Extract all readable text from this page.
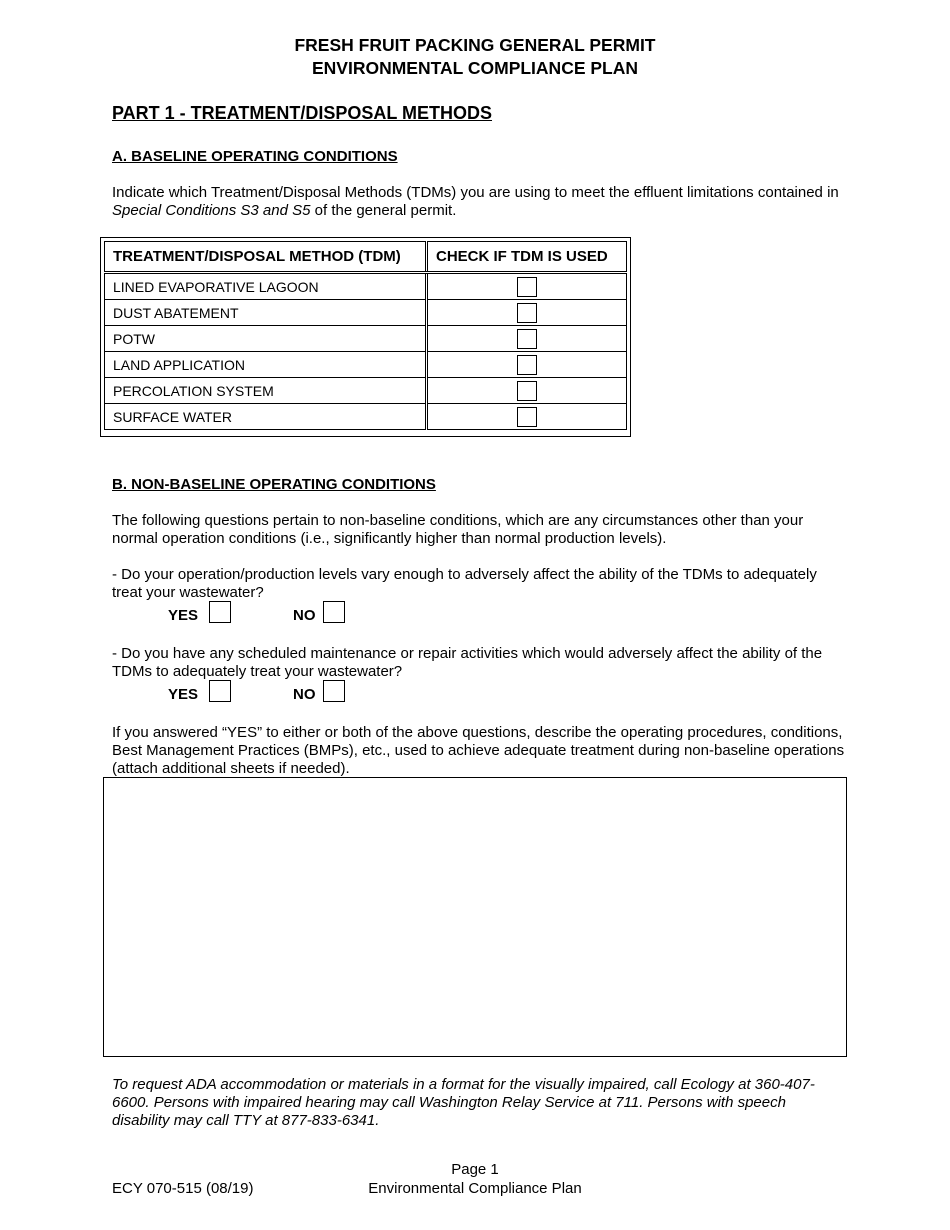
FRESH FRUIT PACKING GENERAL PERMIT
ENVIRONMENTAL COMPLIANCE PLAN
PART 1 - TREATMENT/DISPOSAL METHODS
A. BASELINE OPERATING CONDITIONS
Indicate which Treatment/Disposal Methods (TDMs) you are using to meet the effluent limitations contained in Special Conditions S3 and S5 of the general permit.
TREATMENT/DISPOSAL METHOD (TDM)	CHECK IF TDM IS USED
LINED EVAPORATIVE LAGOON	
DUST ABATEMENT	
POTW	
LAND APPLICATION	
PERCOLATION SYSTEM	
SURFACE WATER	
B. NON-BASELINE OPERATING CONDITIONS
The following questions pertain to non-baseline conditions, which are any circumstances other than your normal operation conditions (i.e., significantly higher than normal production levels).
- Do your operation/production levels vary enough to adversely affect the ability of the TDMs to adequately treat your wastewater?
YES	NO
- Do you have any scheduled maintenance or repair activities which would adversely affect the ability of the TDMs to adequately treat your wastewater?
YES	NO
If you answered “YES” to either or both of the above questions, describe the operating procedures, conditions, Best Management Practices (BMPs), etc., used to achieve adequate treatment during non-baseline operations (attach additional sheets if needed).
To request ADA accommodation or materials in a format for the visually impaired, call Ecology at 360-407-6600. Persons with impaired hearing may call Washington Relay Service at 711. Persons with speech disability may call TTY at 877-833-6341.
Page 1
ECY 070-515 (08/19)	Environmental Compliance Plan
